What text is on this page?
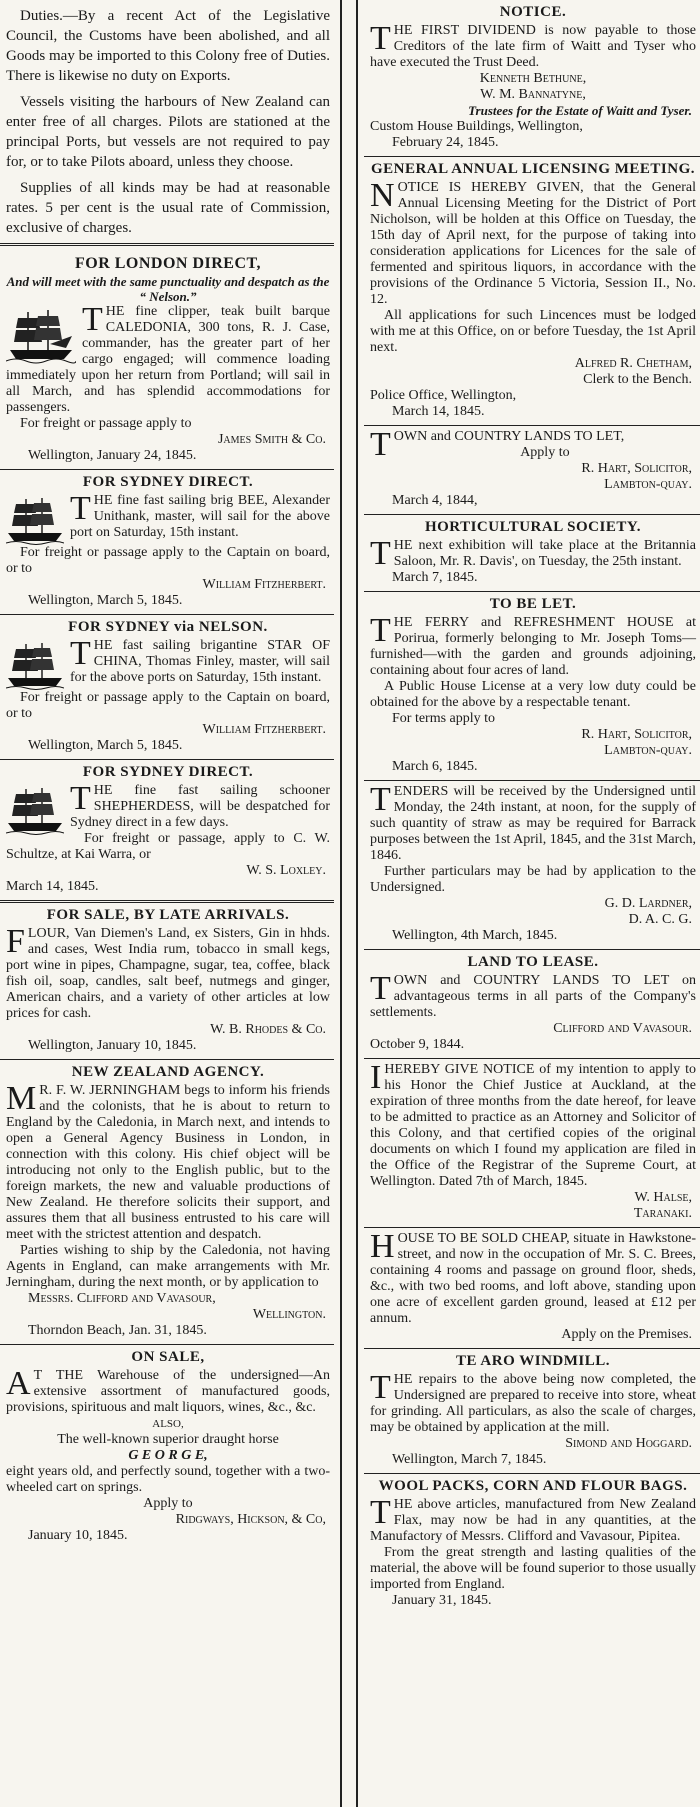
Duties.—By a recent Act of the Legislative Council, the Customs have been abolished, and all Goods may be imported to this Colony free of Duties. There is likewise no duty on Exports.

Vessels visiting the harbours of New Zealand can enter free of all charges. Pilots are stationed at the principal Ports, but vessels are not required to pay for, or to take Pilots aboard, unless they choose.

Supplies of all kinds may be had at reasonable rates. 5 per cent is the usual rate of Commission, exclusive of charges.

FOR LONDON DIRECT,
And will meet with the same punctuality and despatch as the “ Nelson.”
T HE fine clipper, teak built barque CALEDONIA, 300 tons, R. J. Case, commander, has the greater part of her cargo engaged; will commence loading immediately upon her return from Portland; will sail in all March, and has splendid accommodations for passengers.

For freight or passage apply to

James Smith & Co.
Wellington, January 24, 1845.
FOR SYDNEY DIRECT.
T HE fine fast sailing brig BEE, Alexander Unithank, master, will sail for the above port on Saturday, 15th instant.

For freight or passage apply to the Captain on board, or to

William Fitzherbert.
Wellington, March 5, 1845.
FOR SYDNEY via NELSON.
T HE fast sailing brigantine STAR OF CHINA, Thomas Finley, master, will sail for the above ports on Saturday, 15th instant.

For freight or passage apply to the Captain on board, or to

William Fitzherbert.
Wellington, March 5, 1845.
FOR SYDNEY DIRECT.
T HE fine fast sailing schooner SHEPHERDESS, will be despatched for Sydney direct in a few days.

For freight or passage, apply to C. W. Schultze, at Kai Warra, or

W. S. Loxley.
March 14, 1845.
FOR SALE, BY LATE ARRIVALS.
F LOUR, Van Diemen's Land, ex Sisters, Gin in hhds. and cases, West India rum, tobacco in small kegs, port wine in pipes, Champagne, sugar, tea, coffee, black fish oil, soap, candles, salt beef, nutmegs and ginger, American chairs, and a variety of other articles at low prices for cash.

W. B. Rhodes & Co.
Wellington, January 10, 1845.
NEW ZEALAND AGENCY.
M R. F. W. JERNINGHAM begs to inform his friends and the colonists, that he is about to return to England by the Caledonia, in March next, and intends to open a General Agency Business in London, in connection with this colony. His chief object will be introducing not only to the English public, but to the foreign markets, the new and valuable productions of New Zealand. He therefore solicits their support, and assures them that all business entrusted to his care will meet with the strictest attention and despatch.

Parties wishing to ship by the Caledonia, not having Agents in England, can make arrangements with Mr. Jerningham, during the next month, or by application to

Messrs. Clifford and Vavasour,
Wellington.
Thorndon Beach, Jan. 31, 1845.
ON SALE,
A T THE Warehouse of the undersigned—An extensive assortment of manufactured goods, provisions, spirituous and malt liquors, wines, &c., &c.

ALSO,
The well-known superior draught horse
G E O R G E,

eight years old, and perfectly sound, together with a two-wheeled cart on springs.

Apply to
Ridgways, Hickson, & Co,
January 10, 1845.
NOTICE.
T HE FIRST DIVIDEND is now payable to those Creditors of the late firm of Waitt and Tyser who have executed the Trust Deed.

Kenneth Bethune,
W. M. Bannatyne,
Trustees for the Estate of Waitt and Tyser.
Custom House Buildings, Wellington,
February 24, 1845.
GENERAL ANNUAL LICENSING MEETING.
N OTICE IS HEREBY GIVEN, that the General Annual Licensing Meeting for the District of Port Nicholson, will be holden at this Office on Tuesday, the 15th day of April next, for the purpose of taking into consideration applications for Licences for the sale of fermented and spiritous liquors, in accordance with the provisions of the Ordinance 5 Victoria, Session II., No. 12.

All applications for such Lincences must be lodged with me at this Office, on or before Tuesday, the 1st April next.

Alfred R. Chetham,
Clerk to the Bench.
Police Office, Wellington,
March 14, 1845.
T OWN and COUNTRY LANDS TO LET,

Apply to
R. Hart, Solicitor,
Lambton-quay.
March 4, 1844,
HORTICULTURAL SOCIETY.
T HE next exhibition will take place at the Britannia Saloon, Mr. R. Davis', on Tuesday, the 25th instant.

March 7, 1845.
TO BE LET.
T HE FERRY and REFRESHMENT HOUSE at Porirua, formerly belonging to Mr. Joseph Toms—furnished—with the garden and grounds adjoining, containing about four acres of land.

A Public House License at a very low duty could be obtained for the above by a respectable tenant.

For terms apply to
R. Hart, Solicitor,
Lambton-quay.
March 6, 1845.
T ENDERS will be received by the Undersigned until Monday, the 24th instant, at noon, for the supply of such quantity of straw as may be required for Barrack purposes between the 1st April, 1845, and the 31st March, 1846.

Further particulars may be had by application to the Undersigned.

G. D. Lardner,
D. A. C. G.
Wellington, 4th March, 1845.
LAND TO LEASE.
T OWN and COUNTRY LANDS TO LET on advantageous terms in all parts of the Company's settlements.

Clifford and Vavasour.
October 9, 1844.
I HEREBY GIVE NOTICE of my intention to apply to his Honor the Chief Justice at Auckland, at the expiration of three months from the date hereof, for leave to be admitted to practice as an Attorney and Solicitor of this Colony, and that certified copies of the original documents on which I found my application are filed in the Office of the Registrar of the Supreme Court, at Wellington. Dated 7th of March, 1845.

W. Halse,
Taranaki.
H OUSE TO BE SOLD CHEAP, situate in Hawkstone-street, and now in the occupation of Mr. S. C. Brees, containing 4 rooms and passage on ground floor, sheds, &c., with two bed rooms, and loft above, standing upon one acre of excellent garden ground, leased at £12 per annum.

Apply on the Premises.
TE ARO WINDMILL.
T HE repairs to the above being now completed, the Undersigned are prepared to receive into store, wheat for grinding. All particulars, as also the scale of charges, may be obtained by application at the mill.

Simond and Hoggard.
Wellington, March 7, 1845.
WOOL PACKS, CORN AND FLOUR BAGS.
T HE above articles, manufactured from New Zealand Flax, may now be had in any quantities, at the Manufactory of Messrs. Clifford and Vavasour, Pipitea.

From the great strength and lasting qualities of the material, the above will be found superior to those usually imported from England.

January 31, 1845.
